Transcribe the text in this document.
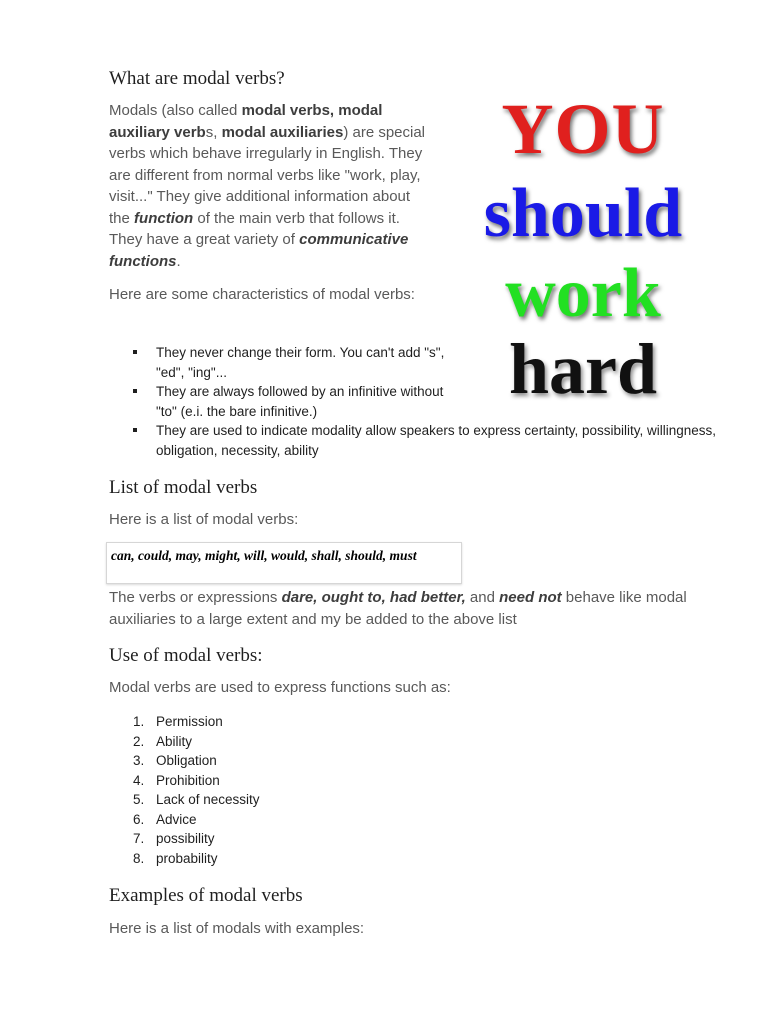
What are modal verbs?

Modals (also called modal verbs, modal auxiliary verbs, modal auxiliaries) are special verbs which behave irregularly in English. They are different from normal verbs like "work, play, visit..." They give additional information about the function of the main verb that follows it. They have a great variety of communicative functions.

Here are some characteristics of modal verbs:

They never change their form. You can't add "s", "ed", "ing"...
They are always followed by an infinitive without "to" (e.i. the bare infinitive.)
They are used to indicate modality allow speakers to express certainty, possibility, willingness, obligation, necessity, ability
List of modal verbs

Here is a list of modal verbs:

can, could, may, might, will, would, shall, should, must

The verbs or expressions dare, ought to, had better, and need not behave like modal auxiliaries to a large extent and my be added to the above list

Use of modal verbs:

Modal verbs are used to express functions such as:

1. Permission
2. Ability
3. Obligation
4. Prohibition
5. Lack of necessity
6. Advice
7. possibility
8. probability
Examples of modal verbs

Here is a list of modals with examples:

YOU
should
work
hard
